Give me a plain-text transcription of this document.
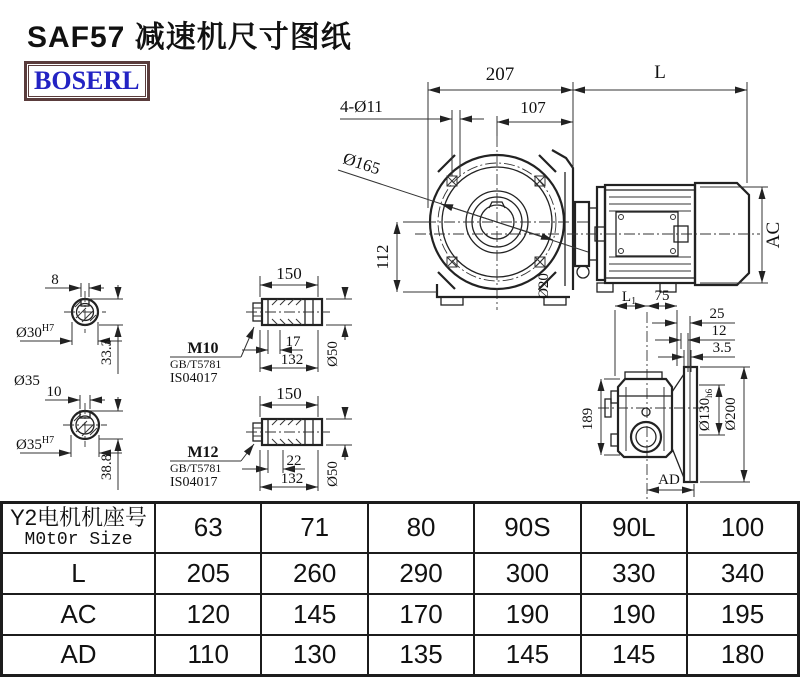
SAF57 减速机尺寸图纸
BOSERL	207	L
107
4-Ø11
Ø165
112
AC
Ø20
8
$Ø30^{H7}$
33.3
Ø35
10
$Ø35^{H7}$
38.8
150
17
132 Ø50
M10
GB/T5781
IS04017
150
22
132 Ø50
M12
GB/T5781
IS04017
$L_1$ 75
25
12
3.5
189	$Ø130_{h6}$
Ø200
AD
Y2电机机座号
M0t0r Size	63	71	80	90S	90L	100
L	205	260	290	300	330	340
AC	120	145	170	190	190	195
AD	110	130	135	145	145	180
